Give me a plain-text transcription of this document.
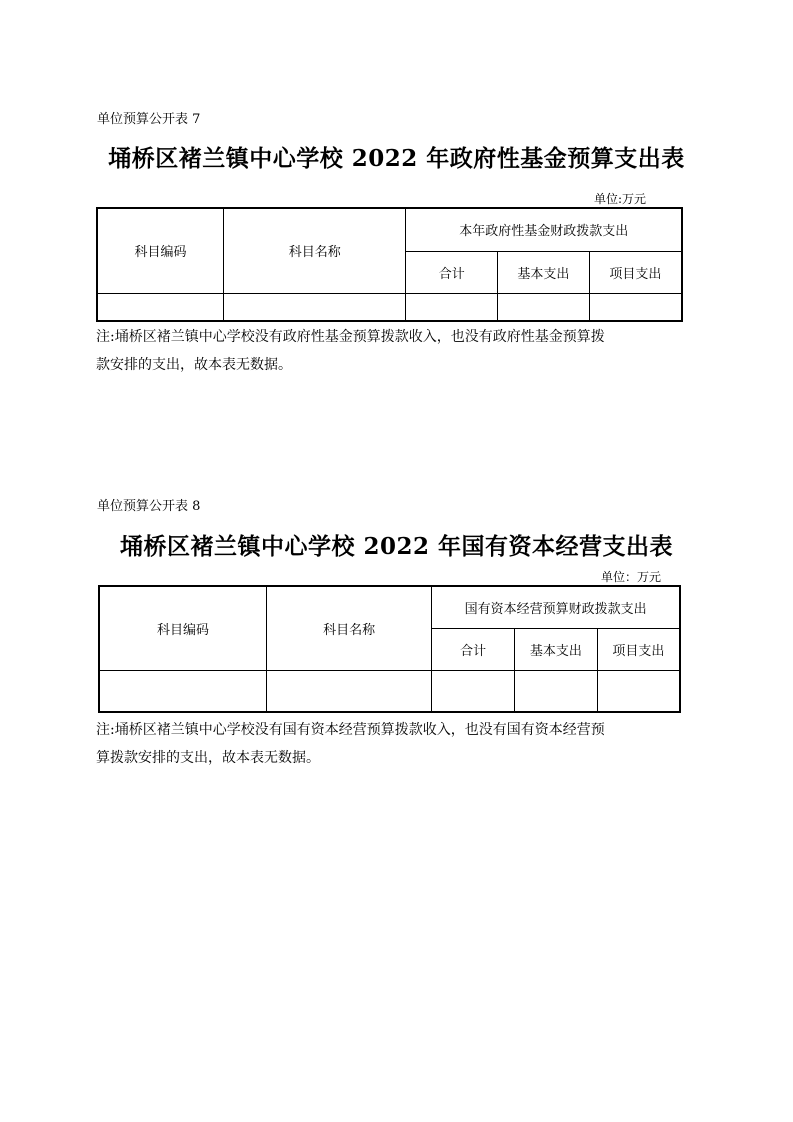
单位预算公开表 7
埇桥区褚兰镇中心学校 2022 年政府性基金预算支出表
单位:万元
科目编码	科目名称	本年政府性基金财政拨款支出		
		合计	基本支出	项目支出

注:埇桥区褚兰镇中心学校没有政府性基金预算拨款收入，也没有政府性基金预算拨
款安排的支出，故本表无数据。
单位预算公开表 8
埇桥区褚兰镇中心学校 2022 年国有资本经营支出表
单位：万元
科目编码	科目名称	国有资本经营预算财政拨款支出		
		合计	基本支出	项目支出

注:埇桥区褚兰镇中心学校没有国有资本经营预算拨款收入，也没有国有资本经营预
算拨款安排的支出，故本表无数据。
